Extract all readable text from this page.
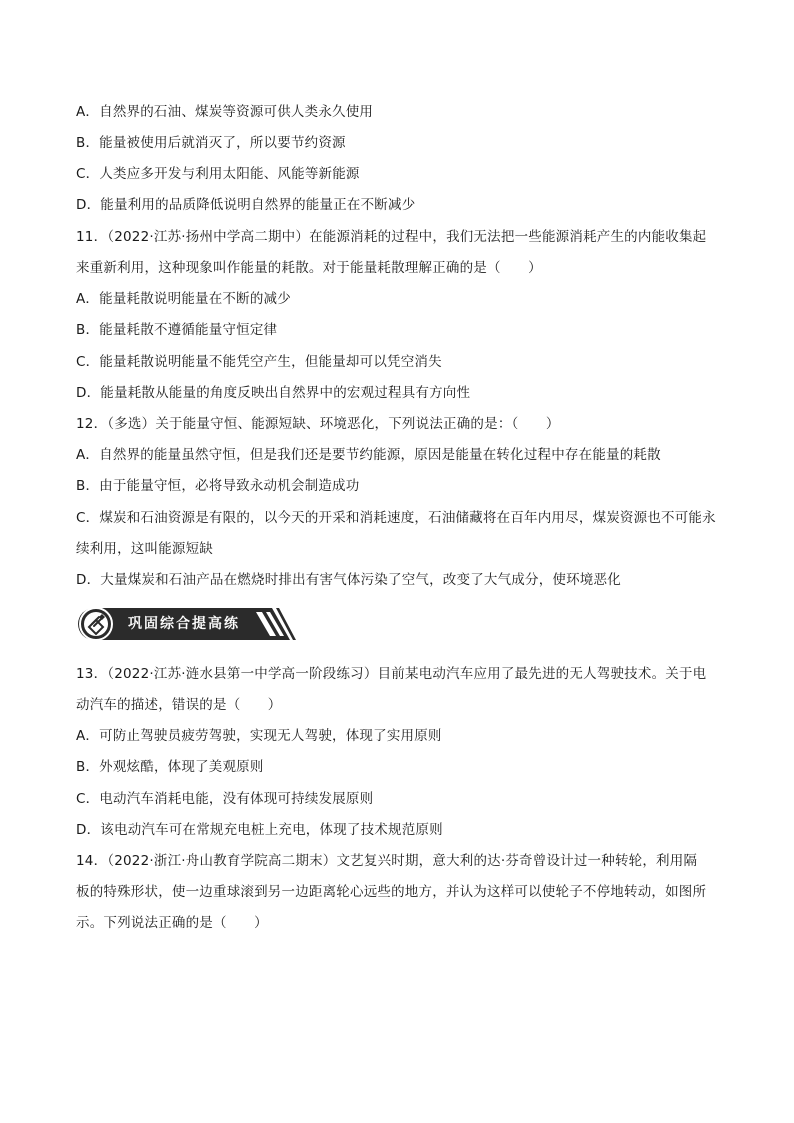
A．自然界的石油、煤炭等资源可供人类永久使用
B．能量被使用后就消灭了，所以要节约资源
C．人类应多开发与利用太阳能、风能等新能源
D．能量利用的品质降低说明自然界的能量正在不断减少
11．（2022·江苏·扬州中学高二期中）在能源消耗的过程中，我们无法把一些能源消耗产生的内能收集起
来重新利用，这种现象叫作能量的耗散。对于能量耗散理解正确的是（　　）
A．能量耗散说明能量在不断的减少
B．能量耗散不遵循能量守恒定律
C．能量耗散说明能量不能凭空产生，但能量却可以凭空消失
D．能量耗散从能量的角度反映出自然界中的宏观过程具有方向性
12．（多选）关于能量守恒、能源短缺、环境恶化，下列说法正确的是：（　　）
A．自然界的能量虽然守恒，但是我们还是要节约能源，原因是能量在转化过程中存在能量的耗散
B．由于能量守恒，必将导致永动机会制造成功
C．煤炭和石油资源是有限的，以今天的开采和消耗速度，石油储藏将在百年内用尽，煤炭资源也不可能永
续利用，这叫能源短缺
D．大量煤炭和石油产品在燃烧时排出有害气体污染了空气，改变了大气成分，使环境恶化
巩固综合提高练
13．（2022·江苏·涟水县第一中学高一阶段练习）目前某电动汽车应用了最先进的无人驾驶技术。关于电
动汽车的描述，错误的是（　　）
A．可防止驾驶员疲劳驾驶，实现无人驾驶，体现了实用原则
B．外观炫酷，体现了美观原则
C．电动汽车消耗电能，没有体现可持续发展原则
D．该电动汽车可在常规充电桩上充电，体现了技术规范原则
14．（2022·浙江·舟山教育学院高二期末）文艺复兴时期，意大利的达·芬奇曾设计过一种转轮，利用隔
板的特殊形状，使一边重球滚到另一边距离轮心远些的地方，并认为这样可以使轮子不停地转动，如图所
示。下列说法正确的是（　　）
